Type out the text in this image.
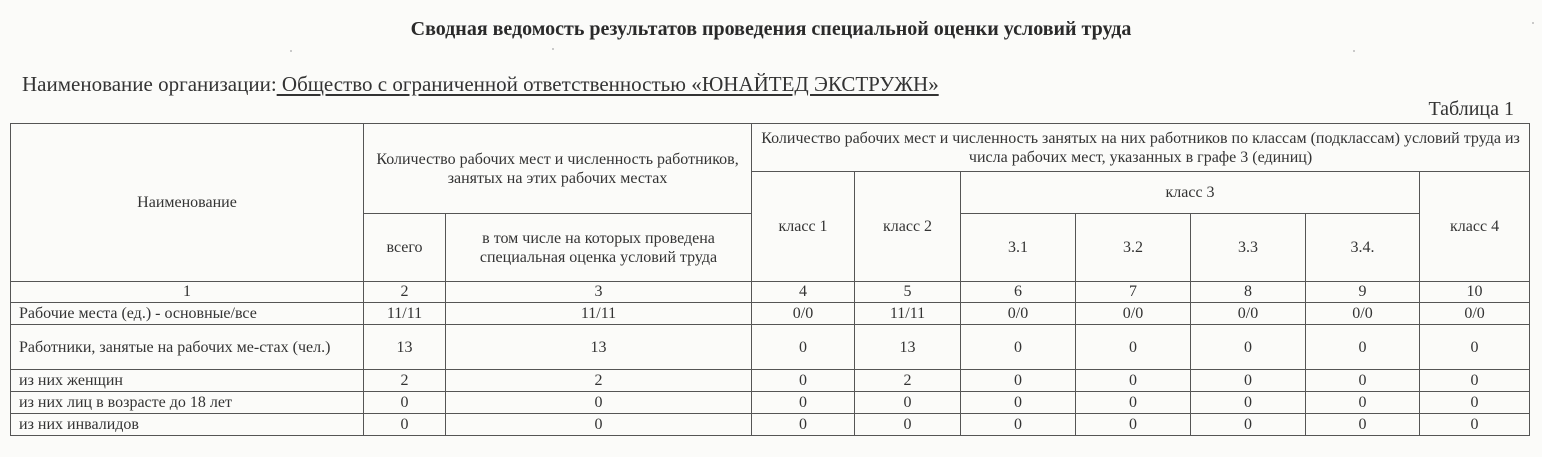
Сводная ведомость результатов проведения специальной оценки условий труда
Наименование организации: Общество с ограниченной ответственностью «ЮНАЙТЕД ЭКСТРУЖН»
Таблица 1
Наименование	Количество рабочих мест и численность работников, занятых на этих рабочих местах		Количество рабочих мест и численность занятых на них работников по классам (подклассам) условий труда из числа рабочих мест, указанных в графе 3 (единиц)						
			класс 1	класс 2	класс 3				класс 4
	всего	в том числе на которых проведена специальная оценка условий труда			3.1	3.2	3.3	3.4.	
1	2	3	4	5	6	7	8	9	10
Рабочие места (ед.) - основные/все	11/11	11/11	0/0	11/11	0/0	0/0	0/0	0/0	0/0
Работники, занятые на рабочих ме-стах (чел.)	13	13	0	13	0	0	0	0	0
из них женщин	2	2	0	2	0	0	0	0	0
из них лиц в возрасте до 18 лет	0	0	0	0	0	0	0	0	0
из них инвалидов	0	0	0	0	0	0	0	0	0
